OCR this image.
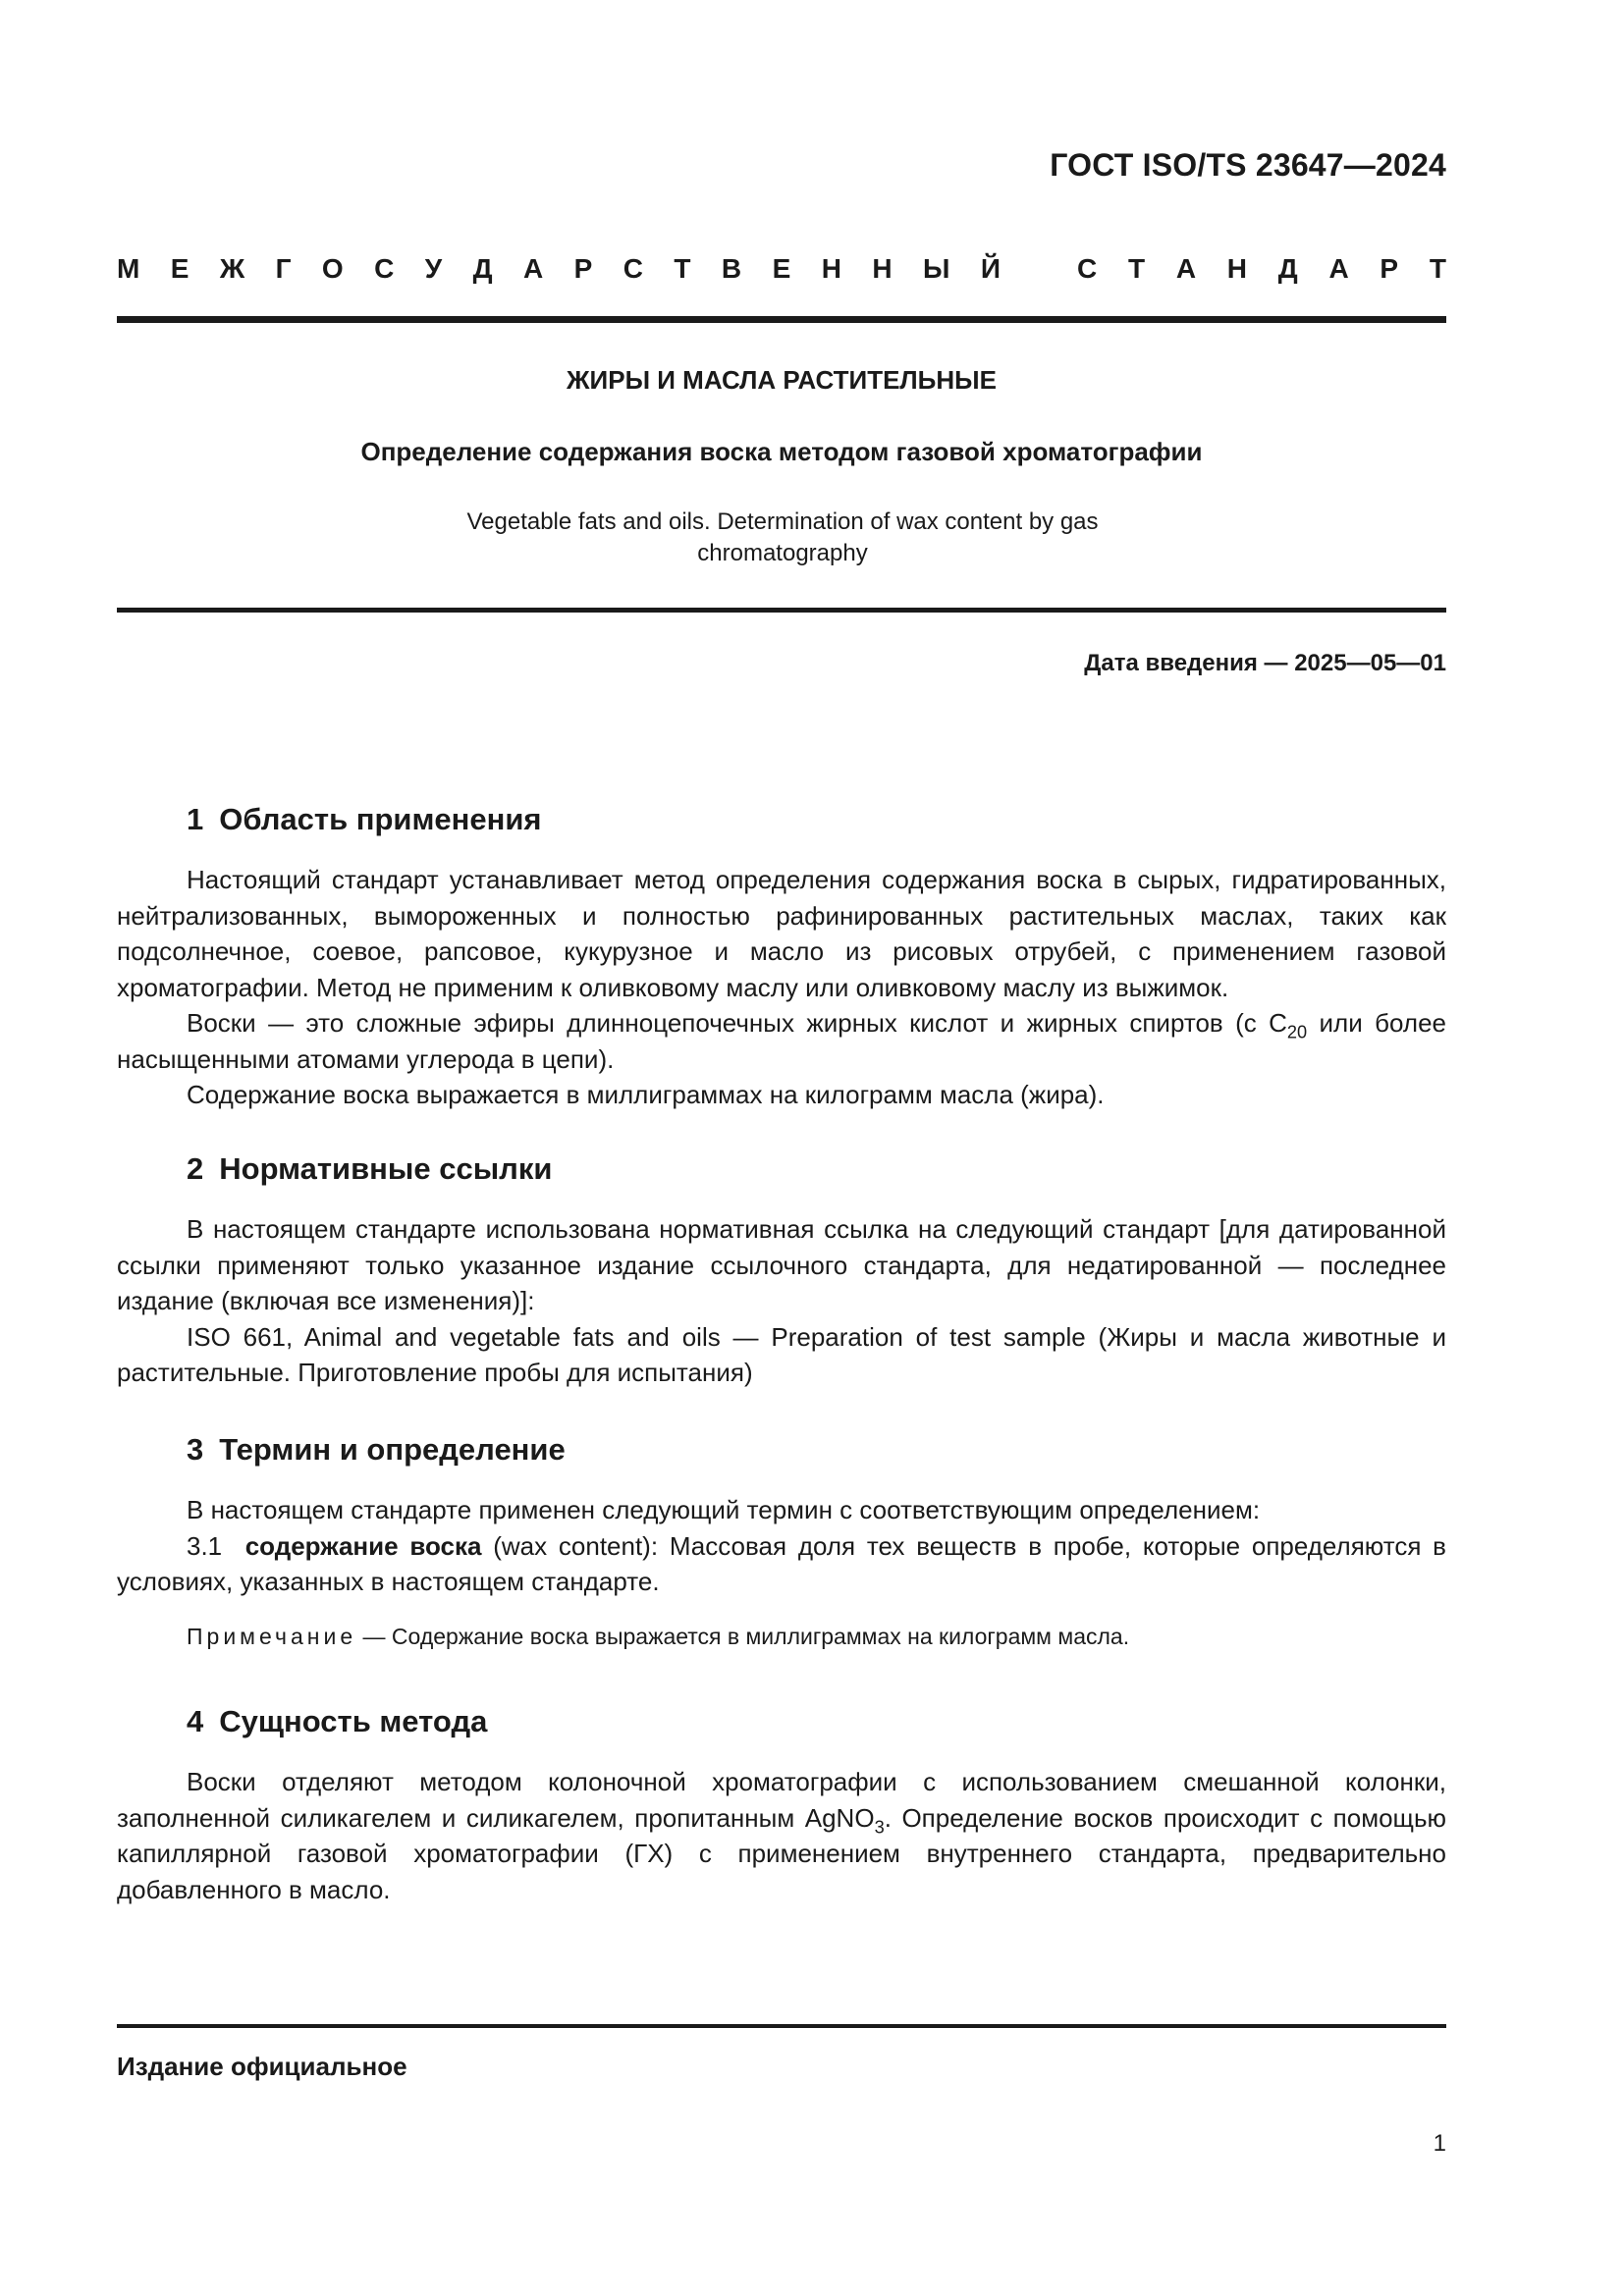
ГОСТ ISO/TS 23647—2024
М Е Ж Г О С У Д А Р С Т В Е Н Н Ы Й	С Т А Н Д А Р Т
ЖИРЫ И МАСЛА РАСТИТЕЛЬНЫЕ
Определение содержания воска методом газовой хроматографии
Vegetable fats and oils. Determination of wax content by gas chromatography
Дата введения — 2025—05—01
1 Область применения

Настоящий стандарт устанавливает метод определения содержания воска в сырых, гидратированных, нейтрализованных, вымороженных и полностью рафинированных растительных маслах, таких как подсолнечное, соевое, рапсовое, кукурузное и масло из рисовых отрубей, с применением газовой хроматографии. Метод не применим к оливковому маслу или оливковому маслу из выжимок.

Воски — это сложные эфиры длинноцепочечных жирных кислот и жирных спиртов (с $C_{20}$ или более насыщенными атомами углерода в цепи).

Содержание воска выражается в миллиграммах на килограмм масла (жира).

2 Нормативные ссылки

В настоящем стандарте использована нормативная ссылка на следующий стандарт [для датированной ссылки применяют только указанное издание ссылочного стандарта, для недатированной — последнее издание (включая все изменения)]:

ISO 661, Animal and vegetable fats and oils — Preparation of test sample (Жиры и масла животные и растительные. Приготовление пробы для испытания)

3 Термин и определение

В настоящем стандарте применен следующий термин с соответствующим определением:

3.1 содержание воска (wax content): Массовая доля тех веществ в пробе, которые определяются в условиях, указанных в настоящем стандарте.

Примечание — Содержание воска выражается в миллиграммах на килограмм масла.
4 Сущность метода

Воски отделяют методом колоночной хроматографии с использованием смешанной колонки, заполненной силикагелем и силикагелем, пропитанным AgNO$_3$. Определение восков происходит с помощью капиллярной газовой хроматографии (ГХ) с применением внутреннего стандарта, предварительно добавленного в масло.

Издание официальное
1
